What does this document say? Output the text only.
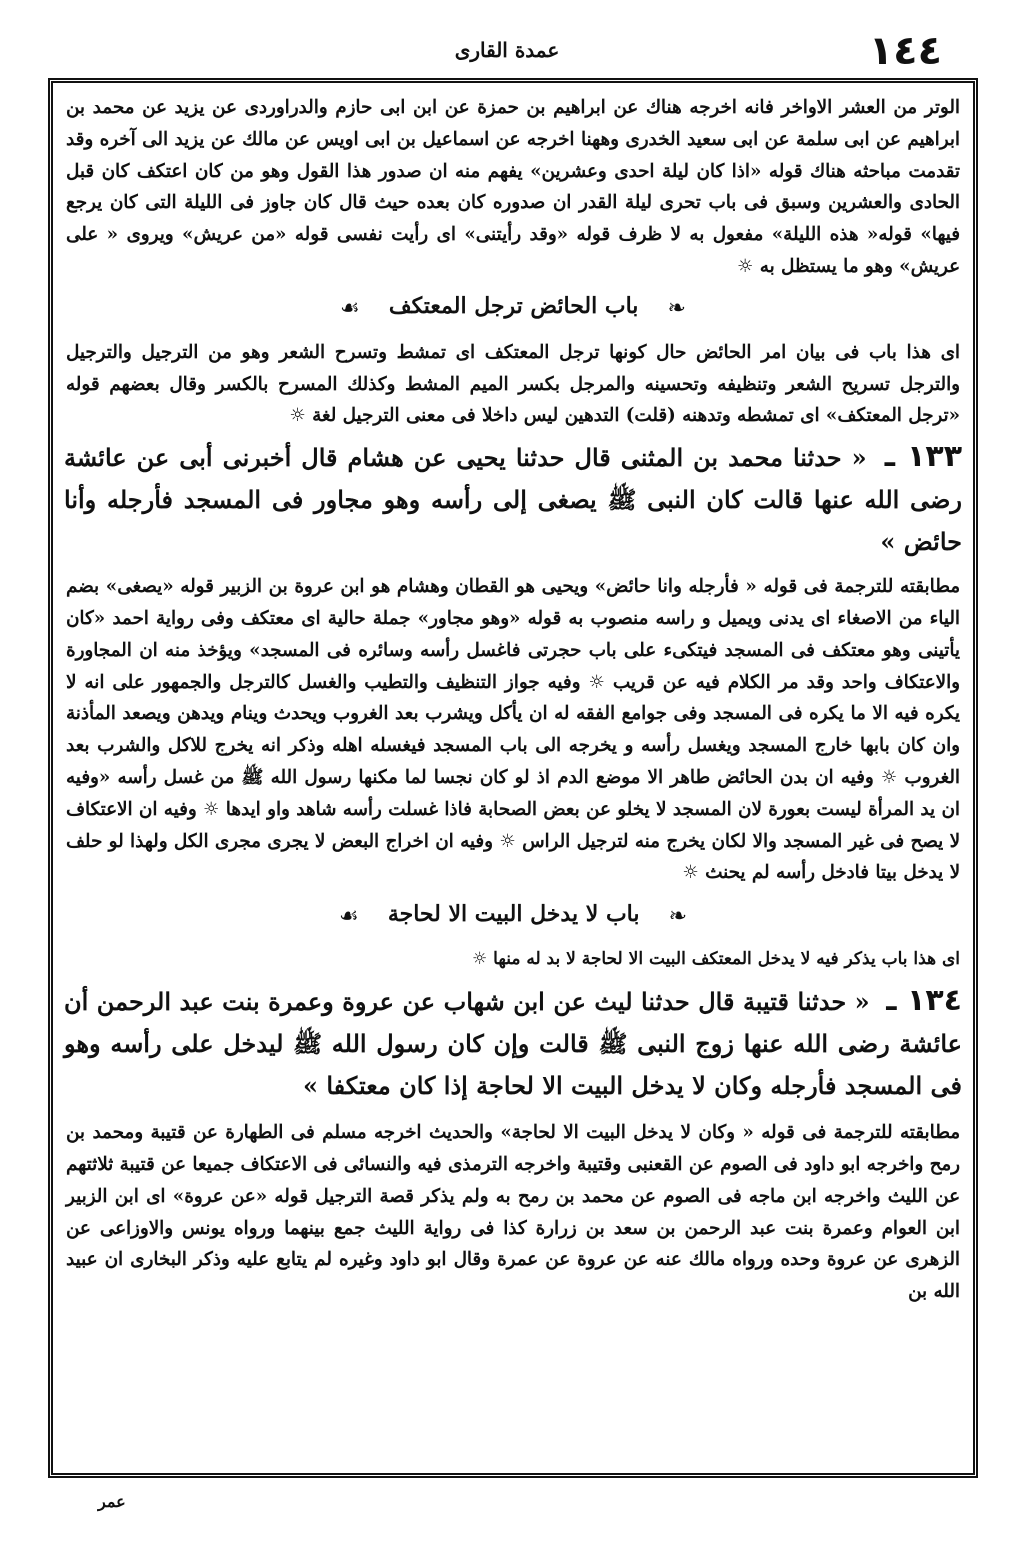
١٤٤
عمدة القارى

الوتر من العشر الاواخر فانه اخرجه هناك عن ابراهيم بن حمزة عن ابن ابى حازم والدراوردى عن يزيد عن محمد بن ابراهيم عن ابى سلمة عن ابى سعيد الخدرى وههنا اخرجه عن اسماعيل بن ابى اويس عن مالك عن يزيد الى آخره وقد تقدمت مباحثه هناك قوله «اذا كان ليلة احدى وعشرين» يفهم منه ان صدور هذا القول وهو من كان اعتكف كان قبل الحادى والعشرين وسبق فى باب تحرى ليلة القدر ان صدوره كان بعده حيث قال كان جاوز فى الليلة التى كان يرجع فيها» قوله« هذه الليلة» مفعول به لا ظرف قوله «وقد رأيتنى» اى رأيت نفسى قوله «من عريش» ويروى « على عريش» وهو ما يستظل به ☼

❧ باب الحائض ترجل المعتكف ☙

اى هذا باب فى بيان امر الحائض حال كونها ترجل المعتكف اى تمشط وتسرح الشعر وهو من الترجيل والترجيل والترجل تسريح الشعر وتنظيفه وتحسينه والمرجل بكسر الميم المشط وكذلك المسرح بالكسر وقال بعضهم قوله «ترجل المعتكف» اى تمشطه وتدهنه (قلت) التدهين ليس داخلا فى معنى الترجيل لغة ☼

١٣٣ ـ « حدثنا محمد بن المثنى قال حدثنا يحيى عن هشام قال أخبرنى أبى عن عائشة رضى الله عنها قالت كان النبى ﷺ يصغى إلى رأسه وهو مجاور فى المسجد فأرجله وأنا حائض »

مطابقته للترجمة فى قوله « فأرجله وانا حائض» ويحيى هو القطان وهشام هو ابن عروة بن الزبير قوله «يصغى» بضم الياء من الاصغاء اى يدنى ويميل و راسه منصوب به قوله «وهو مجاور» جملة حالية اى معتكف وفى رواية احمد «كان يأتينى وهو معتكف فى المسجد فيتكىء على باب حجرتى فاغسل رأسه وسائره فى المسجد» ويؤخذ منه ان المجاورة والاعتكاف واحد وقد مر الكلام فيه عن قريب ☼ وفيه جواز التنظيف والتطيب والغسل كالترجل والجمهور على انه لا يكره فيه الا ما يكره فى المسجد وفى جوامع الفقه له ان يأكل ويشرب بعد الغروب ويحدث وينام ويدهن ويصعد المأذنة وان كان بابها خارج المسجد ويغسل رأسه و يخرجه الى باب المسجد فيغسله اهله وذكر انه يخرج للاكل والشرب بعد الغروب ☼ وفيه ان بدن الحائض طاهر الا موضع الدم اذ لو كان نجسا لما مكنها رسول الله ﷺ من غسل رأسه «وفيه ان يد المرأة ليست بعورة لان المسجد لا يخلو عن بعض الصحابة فاذا غسلت رأسه شاهد واو ايدها ☼ وفيه ان الاعتكاف لا يصح فى غير المسجد والا لكان يخرج منه لترجيل الراس ☼ وفيه ان اخراج البعض لا يجرى مجرى الكل ولهذا لو حلف لا يدخل بيتا فادخل رأسه لم يحنث ☼

❧ باب لا يدخل البيت الا لحاجة ☙

اى هذا باب يذكر فيه لا يدخل المعتكف البيت الا لحاجة لا بد له منها ☼

١٣٤ ـ « حدثنا قتيبة قال حدثنا ليث عن ابن شهاب عن عروة وعمرة بنت عبد الرحمن أن عائشة رضى الله عنها زوج النبى ﷺ قالت وإن كان رسول الله ﷺ ليدخل على رأسه وهو فى المسجد فأرجله وكان لا يدخل البيت الا لحاجة إذا كان معتكفا »

مطابقته للترجمة فى قوله « وكان لا يدخل البيت الا لحاجة» والحديث اخرجه مسلم فى الطهارة عن قتيبة ومحمد بن رمح واخرجه ابو داود فى الصوم عن القعنبى وقتيبة واخرجه الترمذى فيه والنسائى فى الاعتكاف جميعا عن قتيبة ثلاثتهم عن الليث واخرجه ابن ماجه فى الصوم عن محمد بن رمح به ولم يذكر قصة الترجيل قوله «عن عروة» اى ابن الزبير ابن العوام وعمرة بنت عبد الرحمن بن سعد بن زرارة كذا فى رواية الليث جمع بينهما ورواه يونس والاوزاعى عن الزهرى عن عروة وحده ورواه مالك عنه عن عروة عن عمرة وقال ابو داود وغيره لم يتابع عليه وذكر البخارى ان عبيد الله بن

عمر
